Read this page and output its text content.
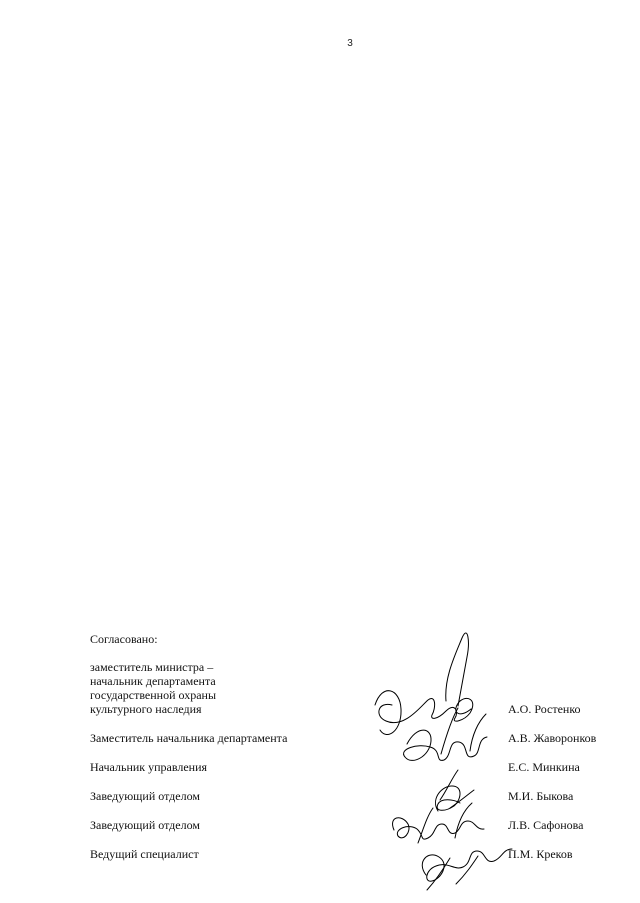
3
Согласовано:
заместитель министра –
начальник департамента
государственной охраны
культурного наследия	А.О. Ростенко
Заместитель начальника департамента	А.В. Жаворонков
Начальник управления	Е.С. Минкина
Заведующий отделом	М.И. Быкова
Заведующий отделом	Л.В. Сафонова
Ведущий специалист	П.М. Креков
